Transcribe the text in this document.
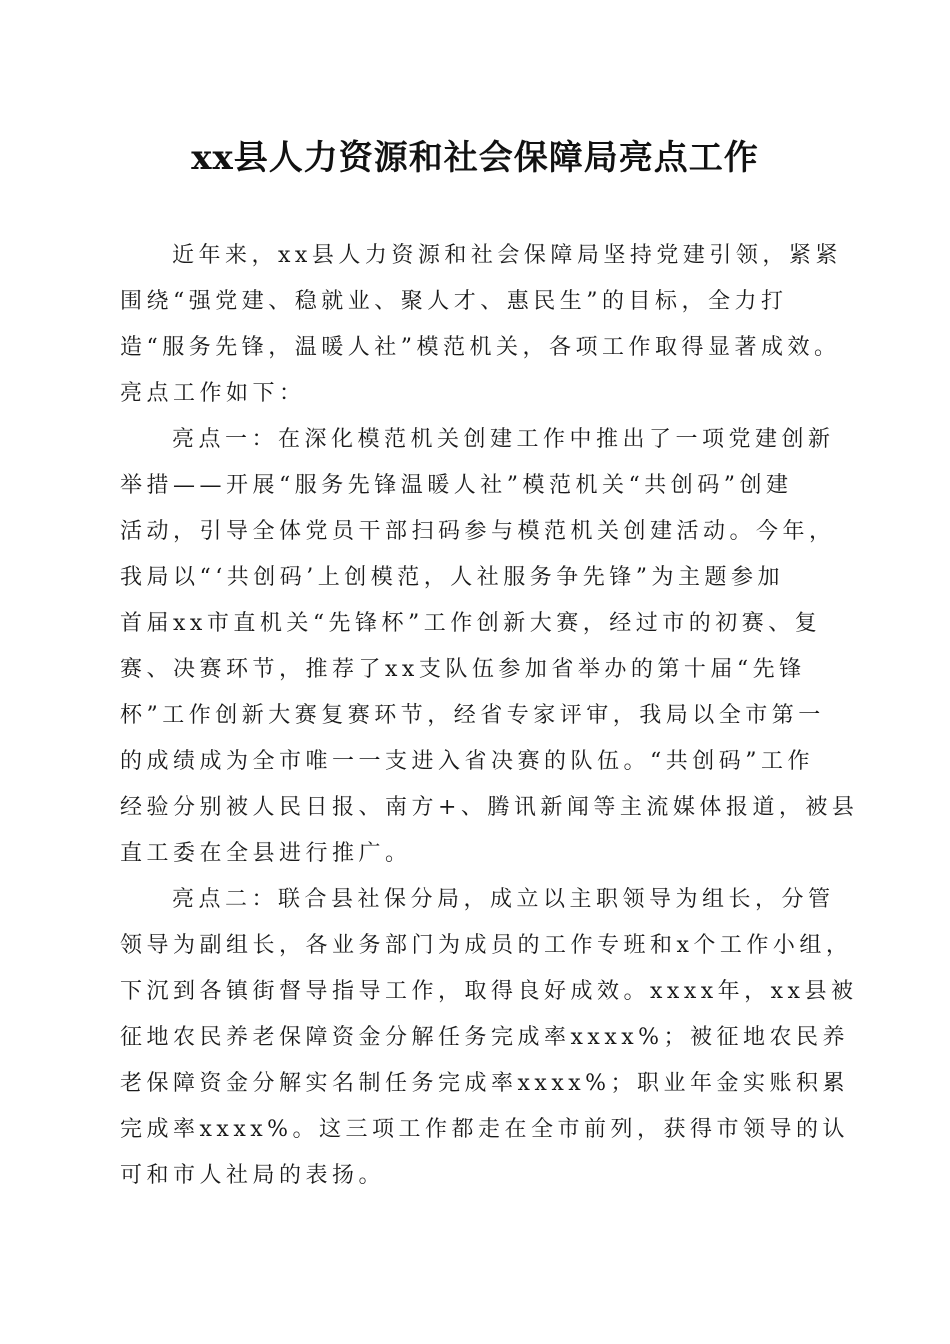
xx县人力资源和社会保障局亮点工作
近年来，xx县人力资源和社会保障局坚持党建引领，紧紧
围绕“强党建、稳就业、聚人才、惠民生”的目标，全力打
造“服务先锋，温暖人社”模范机关，各项工作取得显著成效。
亮点工作如下：
亮点一：在深化模范机关创建工作中推出了一项党建创新
举措——开展“服务先锋温暖人社”模范机关“共创码”创建
活动，引导全体党员干部扫码参与模范机关创建活动。今年，
我局以“‘共创码’上创模范，人社服务争先锋”为主题参加
首届xx市直机关“先锋杯”工作创新大赛，经过市的初赛、复
赛、决赛环节，推荐了xx支队伍参加省举办的第十届“先锋
杯”工作创新大赛复赛环节，经省专家评审，我局以全市第一
的成绩成为全市唯一一支进入省决赛的队伍。“共创码”工作
经验分别被人民日报、南方+、腾讯新闻等主流媒体报道，被县
直工委在全县进行推广。
亮点二：联合县社保分局，成立以主职领导为组长，分管
领导为副组长，各业务部门为成员的工作专班和x个工作小组，
下沉到各镇街督导指导工作，取得良好成效。xxxx年，xx县被
征地农民养老保障资金分解任务完成率xxxx%；被征地农民养
老保障资金分解实名制任务完成率xxxx%；职业年金实账积累
完成率xxxx%。这三项工作都走在全市前列，获得市领导的认
可和市人社局的表扬。
